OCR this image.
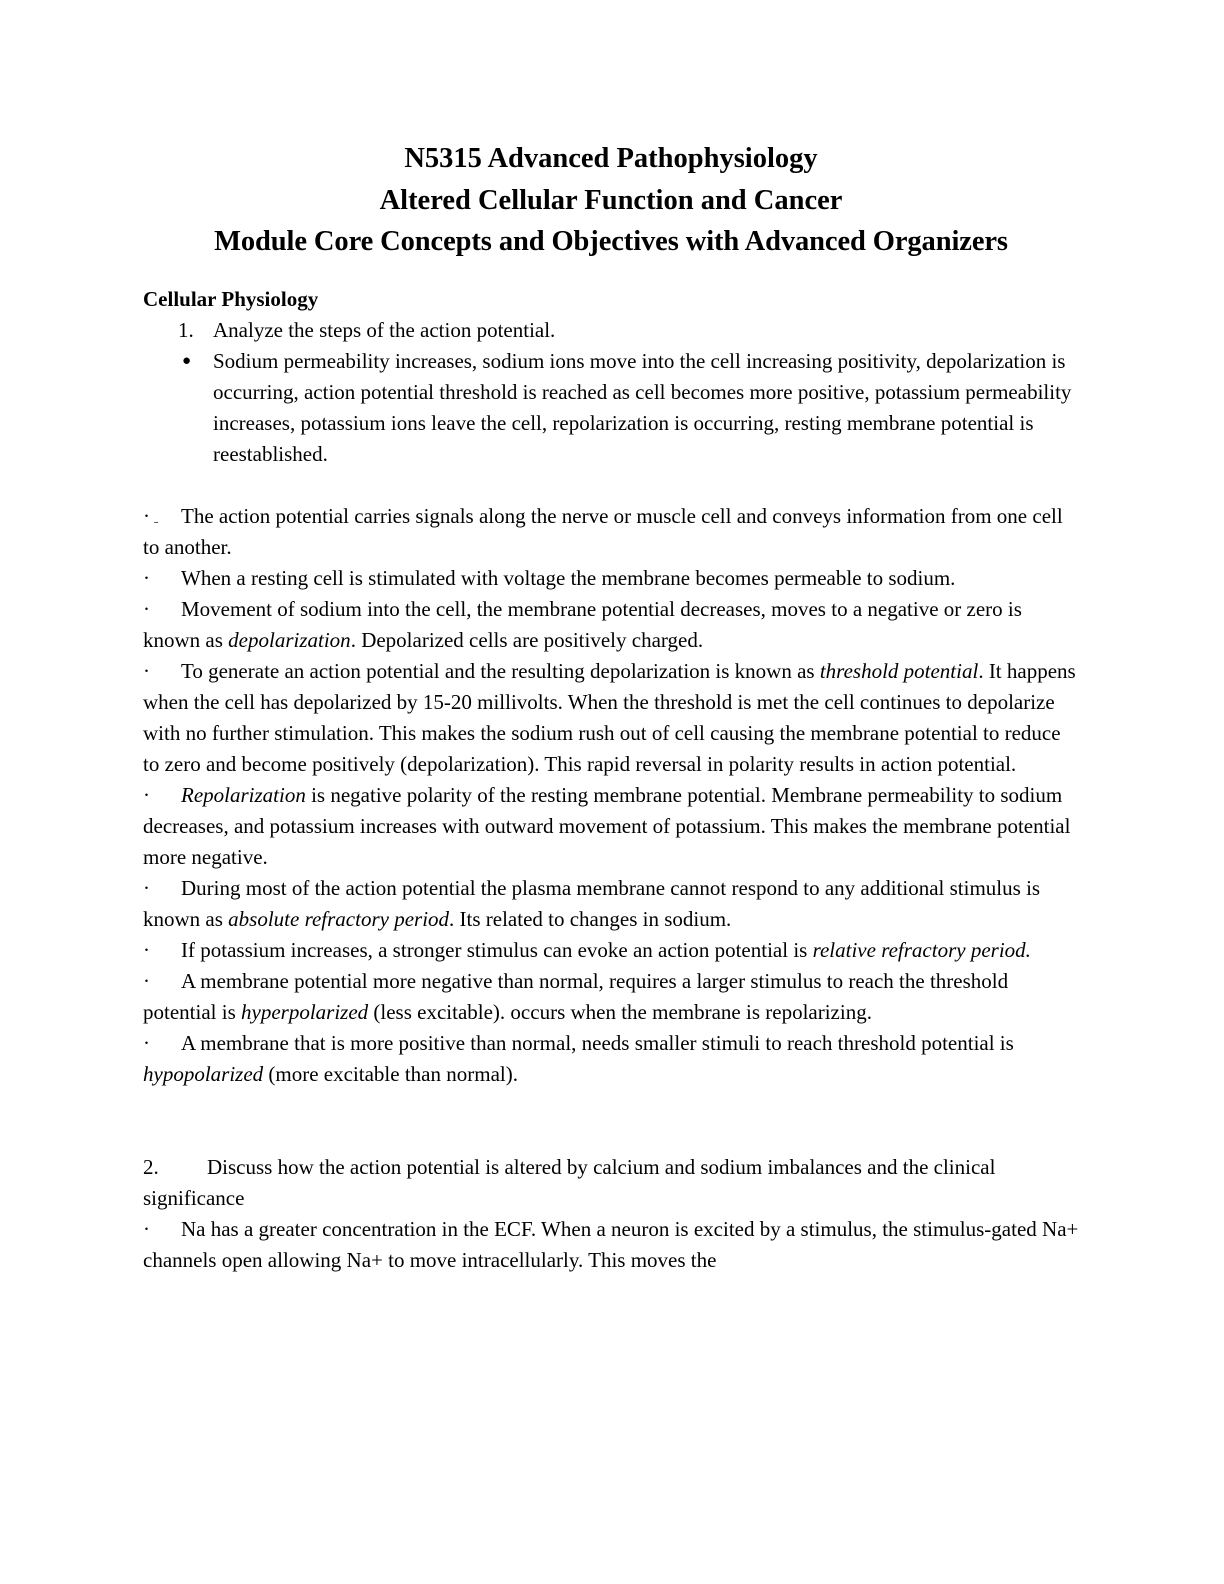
N5315 Advanced Pathophysiology
Altered Cellular Function and Cancer
Module Core Concepts and Objectives with Advanced Organizers
Cellular Physiology
1. Analyze the steps of the action potential.
●	Sodium permeability increases, sodium ions move into the cell increasing positivity, depolarization is occurring, action potential threshold is reached as cell becomes more positive, potassium permeability increases, potassium ions leave the cell, repolarization is occurring, resting membrane potential is reestablished.

· ˍ The action potential carries signals along the nerve or muscle cell and conveys information from one cell to another.
· When a resting cell is stimulated with voltage the membrane becomes permeable to sodium.
· Movement of sodium into the cell, the membrane potential decreases, moves to a negative or zero is known as depolarization. Depolarized cells are positively charged.
· To generate an action potential and the resulting depolarization is known as threshold potential. It happens when the cell has depolarized by 15-20 millivolts. When the threshold is met the cell continues to depolarize with no further stimulation. This makes the sodium rush out of cell causing the membrane potential to reduce to zero and become positively (depolarization). This rapid reversal in polarity results in action potential.
· Repolarization is negative polarity of the resting membrane potential. Membrane permeability to sodium decreases, and potassium increases with outward movement of potassium. This makes the membrane potential more negative.
· During most of the action potential the plasma membrane cannot respond to any additional stimulus is known as absolute refractory period. Its related to changes in sodium.
· If potassium increases, a stronger stimulus can evoke an action potential is relative refractory period.
· A membrane potential more negative than normal, requires a larger stimulus to reach the threshold potential is hyperpolarized (less excitable). occurs when the membrane is repolarizing.
· A membrane that is more positive than normal, needs smaller stimuli to reach threshold potential is hypopolarized (more excitable than normal).

2. Discuss how the action potential is altered by calcium and sodium imbalances and the clinical significance
· Na has a greater concentration in the ECF. When a neuron is excited by a stimulus, the stimulus-gated Na+ channels open allowing Na+ to move intracellularly. This moves the
